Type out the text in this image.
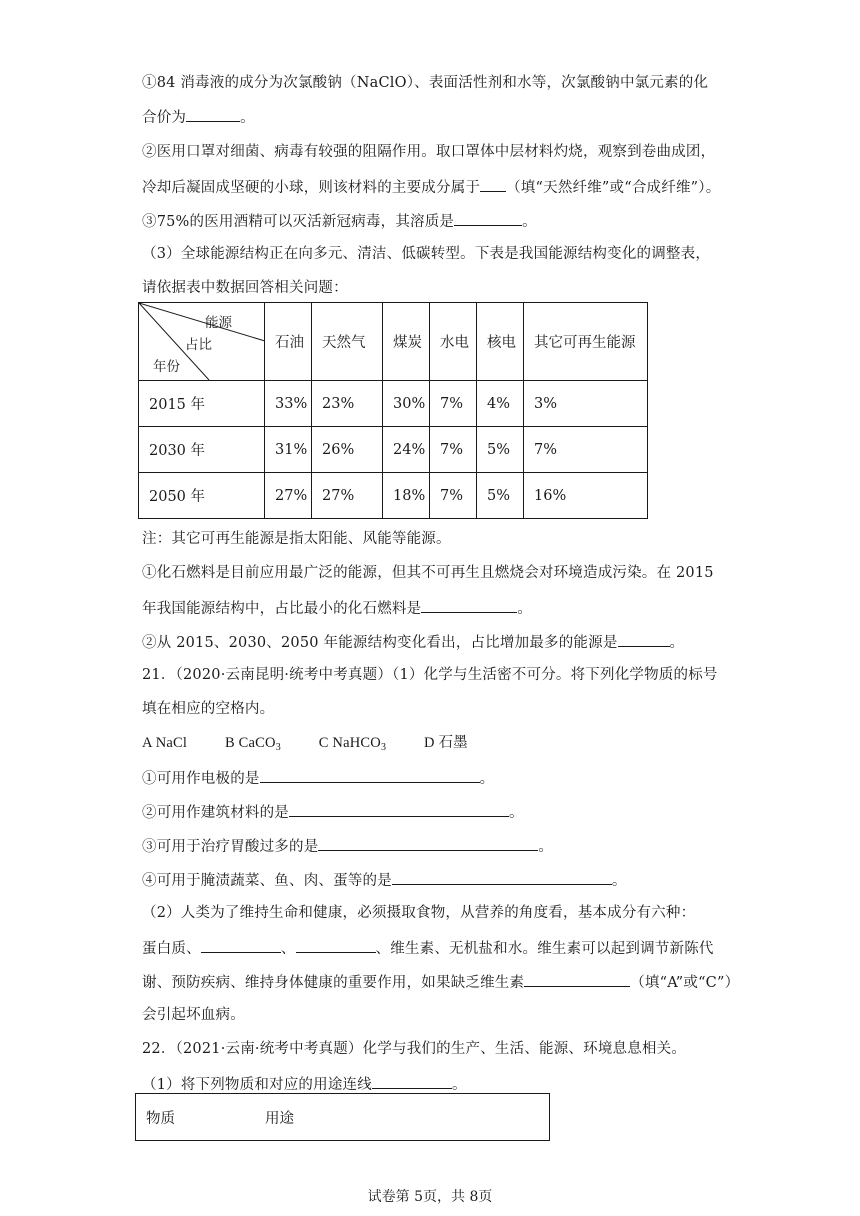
①84 消毒液的成分为次氯酸钠（NaClO）、表面活性剂和水等，次氯酸钠中氯元素的化
合价为	。
②医用口罩对细菌、病毒有较强的阻隔作用。取口罩体中层材料灼烧，观察到卷曲成团，
冷却后凝固成坚硬的小球，则该材料的主要成分属于 （填“天然纤维”或“合成纤维”）。
③75%的医用酒精可以灭活新冠病毒，其溶质是	。
（3）全球能源结构正在向多元、清洁、低碳转型。下表是我国能源结构变化的调整表，
请依据表中数据回答相关问题：
能源
占比
年份	石油	天然气	煤炭	水电	核电	其它可再生能源
2015 年	33%	23%	30%	7%	4%	3%
2030 年	31%	26%	24%	7%	5%	7%
2050 年	27%	27%	18%	7%	5%	16%
注：其它可再生能源是指太阳能、风能等能源。
①化石燃料是目前应用最广泛的能源，但其不可再生且燃烧会对环境造成污染。在 2015
年我国能源结构中，占比最小的化石燃料是	。
②从 2015、2030、2050 年能源结构变化看出，占比增加最多的能源是	。
21．（2020·云南昆明·统考中考真题）（1）化学与生活密不可分。将下列化学物质的标号
填在相应的空格内。
A NaCl	B CaCO$_3$	C NaHCO$_3$	D 石墨
①可用作电极的是	。
②可用作建筑材料的是	。
③可用于治疗胃酸过多的是	。
④可用于腌渍蔬菜、鱼、肉、蛋等的是	。
（2）人类为了维持生命和健康，必须摄取食物，从营养的角度看，基本成分有六种：
蛋白质、	、	、维生素、无机盐和水。维生素可以起到调节新陈代
谢、预防疾病、维持身体健康的重要作用，如果缺乏维生素	（填“A”或“C”）
会引起坏血病。
22．（2021·云南·统考中考真题）化学与我们的生产、生活、能源、环境息息相关。
（1）将下列物质和对应的用途连线	。
物质	用途
试卷第 5页，共 8页
